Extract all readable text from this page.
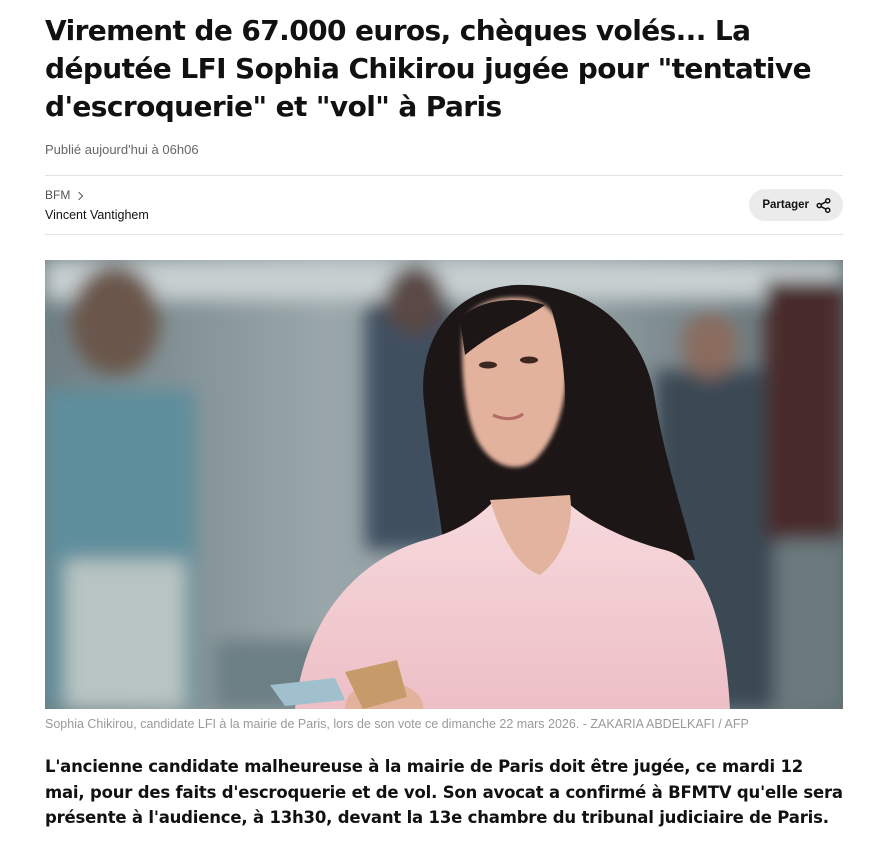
Virement de 67.000 euros, chèques volés... La députée LFI Sophia Chikirou jugée pour "tentative d'escroquerie" et "vol" à Paris
Publié aujourd'hui à 06h06
BFM
Vincent Vantighem
Partager
Sophia Chikirou, candidate LFI à la mairie de Paris, lors de son vote ce dimanche 22 mars 2026. - ZAKARIA ABDELKAFI / AFP

L'ancienne candidate malheureuse à la mairie de Paris doit être jugée, ce mardi 12 mai, pour des faits d'escroquerie et de vol. Son avocat a confirmé à BFMTV qu'elle sera présente à l'audience, à 13h30, devant la 13e chambre du tribunal judiciaire de Paris.
